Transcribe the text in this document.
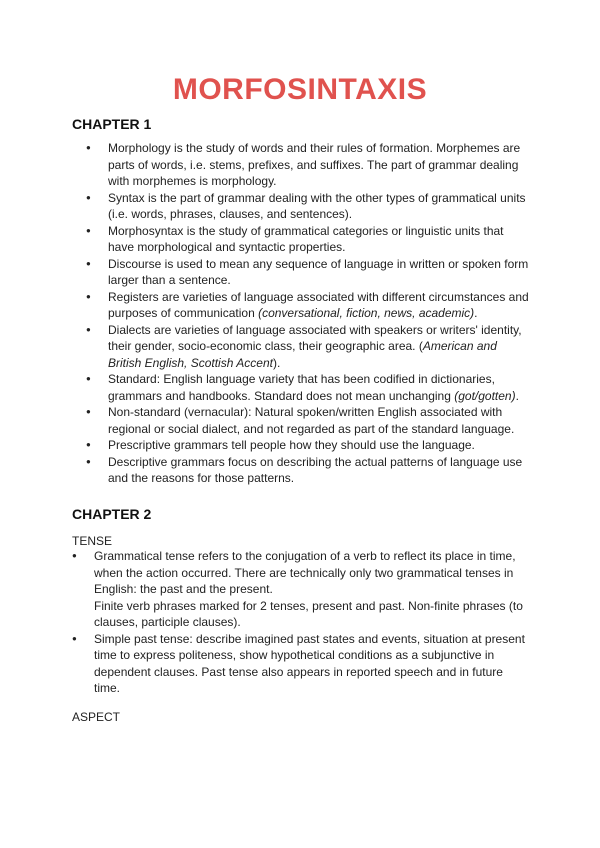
MORFOSINTAXIS
CHAPTER 1
● Morphology is the study of words and their rules of formation. Morphemes are parts of words, i.e. stems, prefixes, and suffixes. The part of grammar dealing with morphemes is morphology.
● Syntax is the part of grammar dealing with the other types of grammatical units (i.e. words, phrases, clauses, and sentences).
● Morphosyntax is the study of grammatical categories or linguistic units that have morphological and syntactic properties.
● Discourse is used to mean any sequence of language in written or spoken form larger than a sentence.
● Registers are varieties of language associated with different circumstances and purposes of communication (conversational, fiction, news, academic).
● Dialects are varieties of language associated with speakers or writers' identity, their gender, socio-economic class, their geographic area. (American and British English, Scottish Accent).
● Standard: English language variety that has been codified in dictionaries, grammars and handbooks. Standard does not mean unchanging (got/gotten).
● Non-standard (vernacular): Natural spoken/written English associated with regional or social dialect, and not regarded as part of the standard language.
● Prescriptive grammars tell people how they should use the language.
● Descriptive grammars focus on describing the actual patterns of language use and the reasons for those patterns.
CHAPTER 2
TENSE
● Grammatical tense refers to the conjugation of a verb to reflect its place in time, when the action occurred. There are technically only two grammatical tenses in English: the past and the present.
Finite verb phrases marked for 2 tenses, present and past. Non-finite phrases (to clauses, participle clauses).
● Simple past tense: describe imagined past states and events, situation at present time to express politeness, show hypothetical conditions as a subjunctive in dependent clauses. Past tense also appears in reported speech and in future time.
ASPECT
